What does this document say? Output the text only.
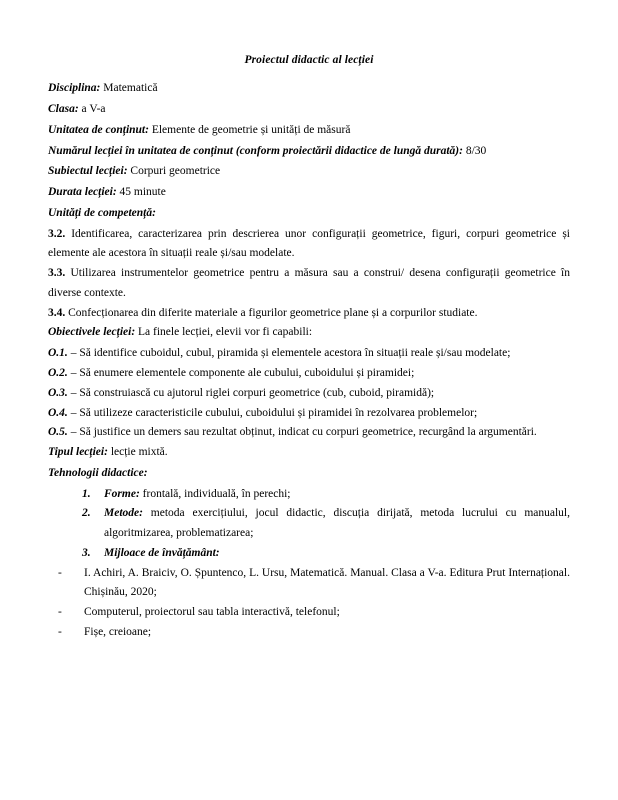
Proiectul didactic al lecției

Disciplina: Matematică

Clasa: a V-a

Unitatea de conținut: Elemente de geometrie și unități de măsură

Numărul lecției în unitatea de conținut (conform proiectării didactice de lungă durată): 8/30

Subiectul lecției: Corpuri geometrice

Durata lecției: 45 minute

Unități de competență:

3.2. Identificarea, caracterizarea prin descrierea unor configurații geometrice, figuri, corpuri geometrice și elemente ale acestora în situații reale și/sau modelate.

3.3. Utilizarea instrumentelor geometrice pentru a măsura sau a construi/ desena configurații geometrice în diverse contexte.

3.4. Confecționarea din diferite materiale a figurilor geometrice plane și a corpurilor studiate.

Obiectivele lecției: La finele lecției, elevii vor fi capabili:

O.1. – Să identifice cuboidul, cubul, piramida și elementele acestora în situații reale și/sau modelate;

O.2. – Să enumere elementele componente ale cubului, cuboidului și piramidei;

O.3. – Să construiască cu ajutorul riglei corpuri geometrice (cub, cuboid, piramidă);

O.4. – Să utilizeze caracteristicile cubului, cuboidului și piramidei în rezolvarea problemelor;

O.5. – Să justifice un demers sau rezultat obținut, indicat cu corpuri geometrice, recurgând la argumentări.

Tipul lecției: lecție mixtă.

Tehnologii didactice:

1. Forme: frontală, individuală, în perechi;
2. Metode: metoda exercițiului, jocul didactic, discuția dirijată, metoda lucrului cu manualul, algoritmizarea, problematizarea;
3. Mijloace de învățământ:
- I. Achiri, A. Braiciv, O. Șpuntenco, L. Ursu, Matematică. Manual. Clasa a V-a. Editura Prut Internațional. Chișinău, 2020;
- Computerul, proiectorul sau tabla interactivă, telefonul;
- Fișe, creioane;
